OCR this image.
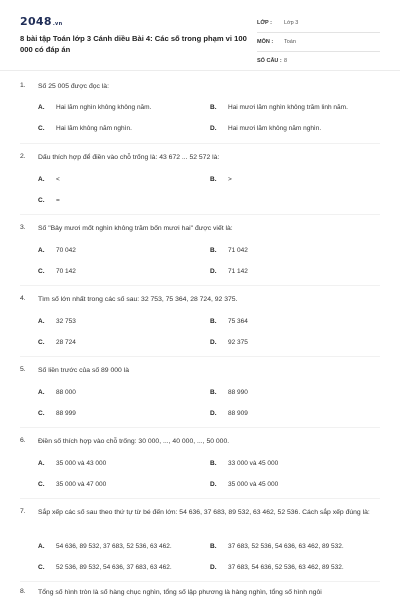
2048.vn
8 bài tập Toán lớp 3 Cánh diều Bài 4: Các số trong phạm vi 100 000 có đáp án
LỚP :	Lớp 3
MÔN :	Toán
SỐ CÂU : 8
1. Số 25 005 được đọc là:
A. Hai lăm nghìn không không năm.	B. Hai mươi lăm nghìn không trăm linh năm.
C. Hai lăm không năm nghìn.	D. Hai mươi lăm không năm nghìn.
2. Dấu thích hợp để điền vào chỗ trống là: 43 672 ... 52 572 là:
A. <	B. >
C. =
3. Số "Bảy mươi mốt nghìn không trăm bốn mươi hai" được viết là:
A. 70 042	B. 71 042
C. 70 142	D. 71 142
4. Tìm số lớn nhất trong các số sau: 32 753, 75 364, 28 724, 92 375.
A. 32 753	B. 75 364
C. 28 724	D. 92 375
5. Số liền trước của số 89 000 là
A. 88 000	B. 88 990
C. 88 999	D. 88 909
6. Điền số thích hợp vào chỗ trống: 30 000, ..., 40 000, ..., 50 000.
A. 35 000 và 43 000	B. 33 000 và 45 000
C. 35 000 và 47 000	D. 35 000 và 45 000
7. Sắp xếp các số sau theo thứ tự từ bé đến lớn: 54 636, 37 683, 89 532, 63 462, 52 536. Cách sắp xếp đúng là:
A. 54 636, 89 532, 37 683, 52 536, 63 462.	B. 37 683, 52 536, 54 636, 63 462, 89 532.
C. 52 536, 89 532, 54 636, 37 683, 63 462.	D. 37 683, 54 636, 52 536, 63 462, 89 532.
8. Tổng số hình tròn là số hàng chục nghìn, tổng số lập phương là hàng nghìn, tổng số hình ngôi
